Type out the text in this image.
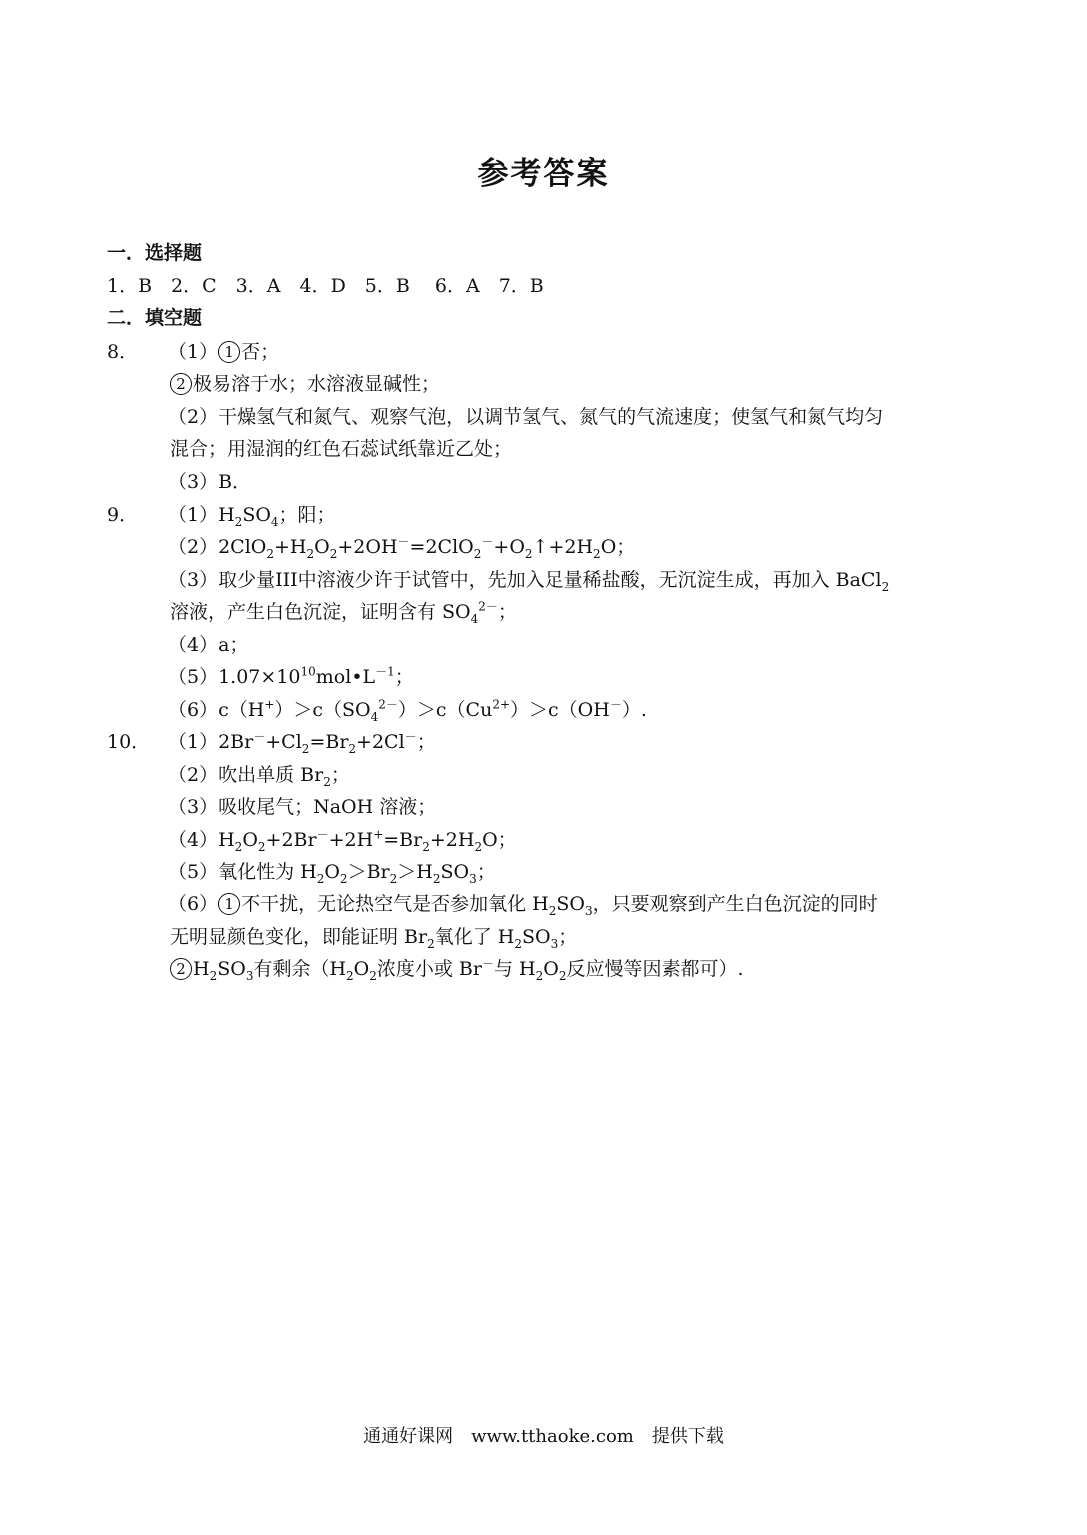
参考答案
一．选择题
1．B　2．C　3．A　4．D　5．B　 6．A　7．B
二．填空题
8． （1） 1 否；
2 极易溶于水；水溶液显碱性；
（2）干燥氢气和氮气、观察气泡，以调节氢气、氮气的气流速度；使氢气和氮气均匀
混合；用湿润的红色石蕊试纸靠近乙处；
（3）B．
9． $(1)H_2SO_4$；阳；
$(2)2ClO_2+H_2O_2+2OH^-=2ClO_2^-+O_2↑+2H_2O$；
（3）取少量III中溶液少许于试管中，先加入足量稀盐酸，无沉淀生成，再加入 BaCl$_2$
溶液，产生白色沉淀，证明含有 $SO_4^{2-}$；
（4）a；
$(5)1.07\times 10^{10}mol•L^{-1}$；
$(6)c(H^+)>c(SO_4^{2-})>c(Cu^{2+})>c(OH^-)$.
10． $(1)2Br^-+Cl_2=Br_2+2Cl^-$；
（2）吹出单质 $Br_2$；
（3）吸收尾气；NaOH 溶液；
$(4)H_2O_2+2Br^-+2H^+=Br_2+2H_2O$；
（5）氧化性为 $H_2O_2>Br_2>H_2SO_3$；
（6） 1 不干扰，无论热空气是否参加氧化 $H_2SO_3$，只要观察到产生白色沉淀的同时
无明显颜色变化，即能证明 $Br_2$氧化了 $H_2SO_3$；
2 $H_2SO_3$有剩余（$H_2O_2$浓度小或 Br－与 $H_2O_2$反应慢等因素都可）.
通通好课网　www.tthaoke.com　提供下载
